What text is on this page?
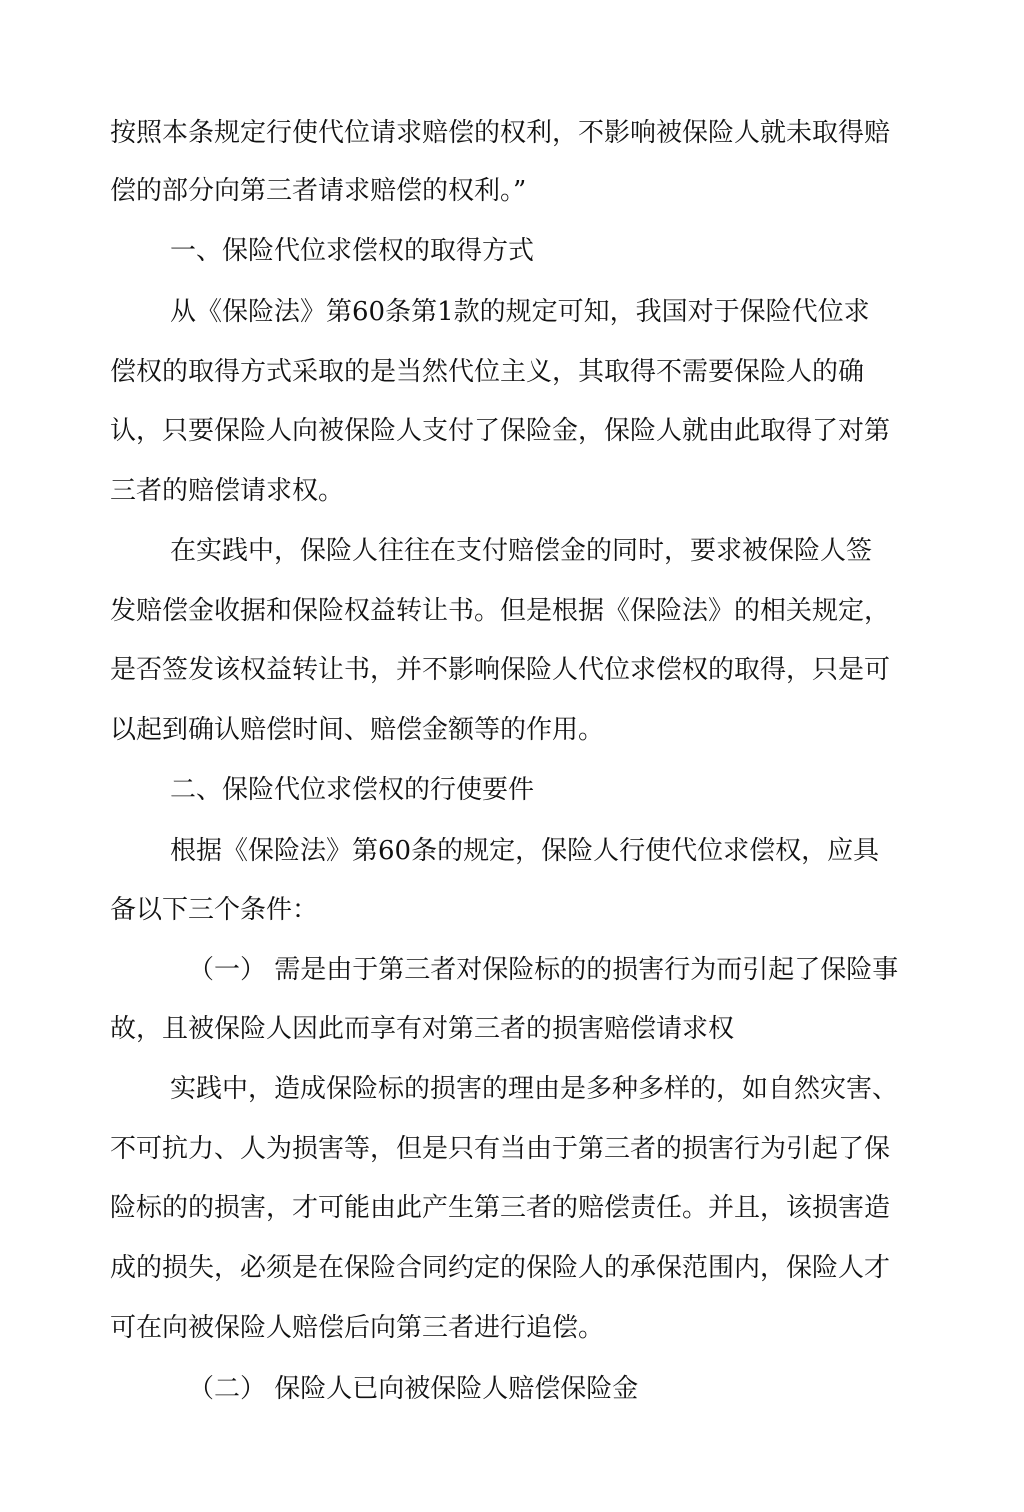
按照本条规定行使代位请求赔偿的权利，不影响被保险人就未取得赔
偿的部分向第三者请求赔偿的权利。”
一、保险代位求偿权的取得方式
从《保险法》第60条第1款的规定可知，我国对于保险代位求
偿权的取得方式采取的是当然代位主义，其取得不需要保险人的确
认，只要保险人向被保险人支付了保险金，保险人就由此取得了对第
三者的赔偿请求权。
在实践中，保险人往往在支付赔偿金的同时，要求被保险人签
发赔偿金收据和保险权益转让书。但是根据《保险法》的相关规定，
是否签发该权益转让书，并不影响保险人代位求偿权的取得，只是可
以起到确认赔偿时间、赔偿金额等的作用。
二、保险代位求偿权的行使要件
根据《保险法》第60条的规定，保险人行使代位求偿权，应具
备以下三个条件：
（一） 需是由于第三者对保险标的的损害行为而引起了保险事
故，且被保险人因此而享有对第三者的损害赔偿请求权
实践中，造成保险标的损害的理由是多种多样的，如自然灾害、
不可抗力、人为损害等，但是只有当由于第三者的损害行为引起了保
险标的的损害，才可能由此产生第三者的赔偿责任。并且，该损害造
成的损失，必须是在保险合同约定的保险人的承保范围内，保险人才
可在向被保险人赔偿后向第三者进行追偿。
（二） 保险人已向被保险人赔偿保险金
